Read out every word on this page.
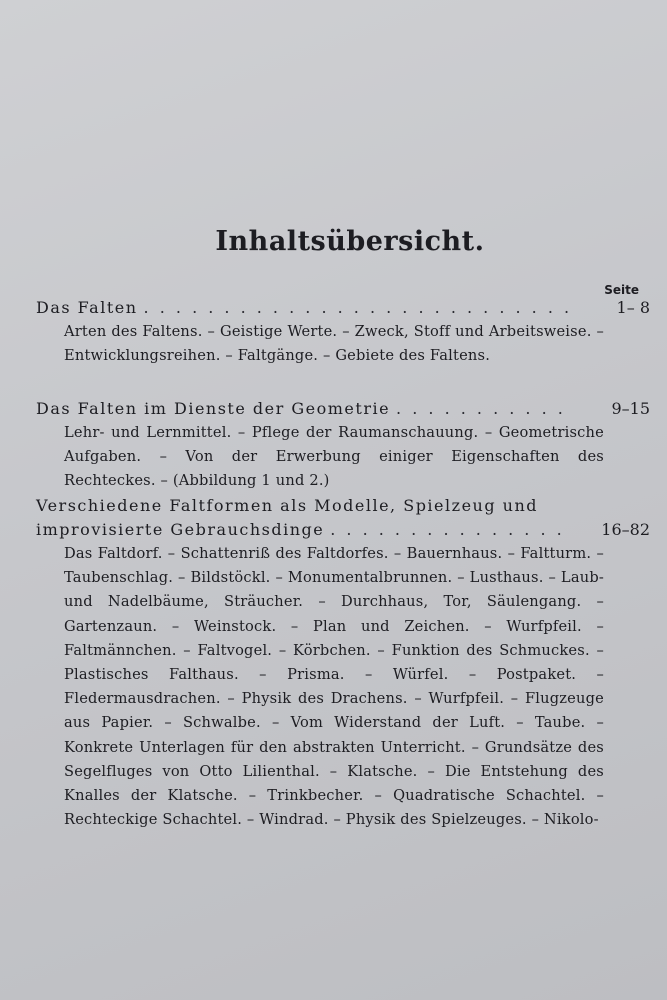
Inhaltsübersicht.
Seite
Das Falten . . .	1– 8
Arten des Faltens. – Geistige Werte. – Zweck, Stoff und Arbeitsweise. – Entwicklungsreihen. – Faltgänge. – Gebiete des Faltens.
Das Falten im Dienste der Geometrie . . .	9–15
Lehr- und Lernmittel. – Pflege der Raumanschauung. – Geometrische Aufgaben. – Von der Erwerbung einiger Eigenschaften des Rechteckes. – (Abbildung 1 und 2.)
Verschiedene Faltformen als Modelle, Spielzeug und
improvisierte Gebrauchsdinge . . .	16–82
Das Faltdorf. – Schattenriß des Faltdorfes. – Bauernhaus. – Faltturm. – Taubenschlag. – Bildstöckl. – Monumentalbrunnen. – Lusthaus. – Laub- und Nadelbäume, Sträucher. – Durchhaus, Tor, Säulengang. – Gartenzaun. – Weinstock. – Plan und Zeichen. – Wurfpfeil. – Faltmännchen. – Faltvogel. – Körbchen. – Funktion des Schmuckes. – Plastisches Falthaus. – Prisma. – Würfel. – Postpaket. – Fledermausdrachen. – Physik des Drachens. – Wurfpfeil. – Flugzeuge aus Papier. – Schwalbe. – Vom Widerstand der Luft. – Taube. – Konkrete Unterlagen für den abstrakten Unterricht. – Grundsätze des Segelfluges von Otto Lilienthal. – Klatsche. – Die Entstehung des Knalles der Klatsche. – Trinkbecher. – Quadratische Schachtel. – Rechteckige Schachtel. – Windrad. – Physik des Spielzeuges. – Nikolo-
